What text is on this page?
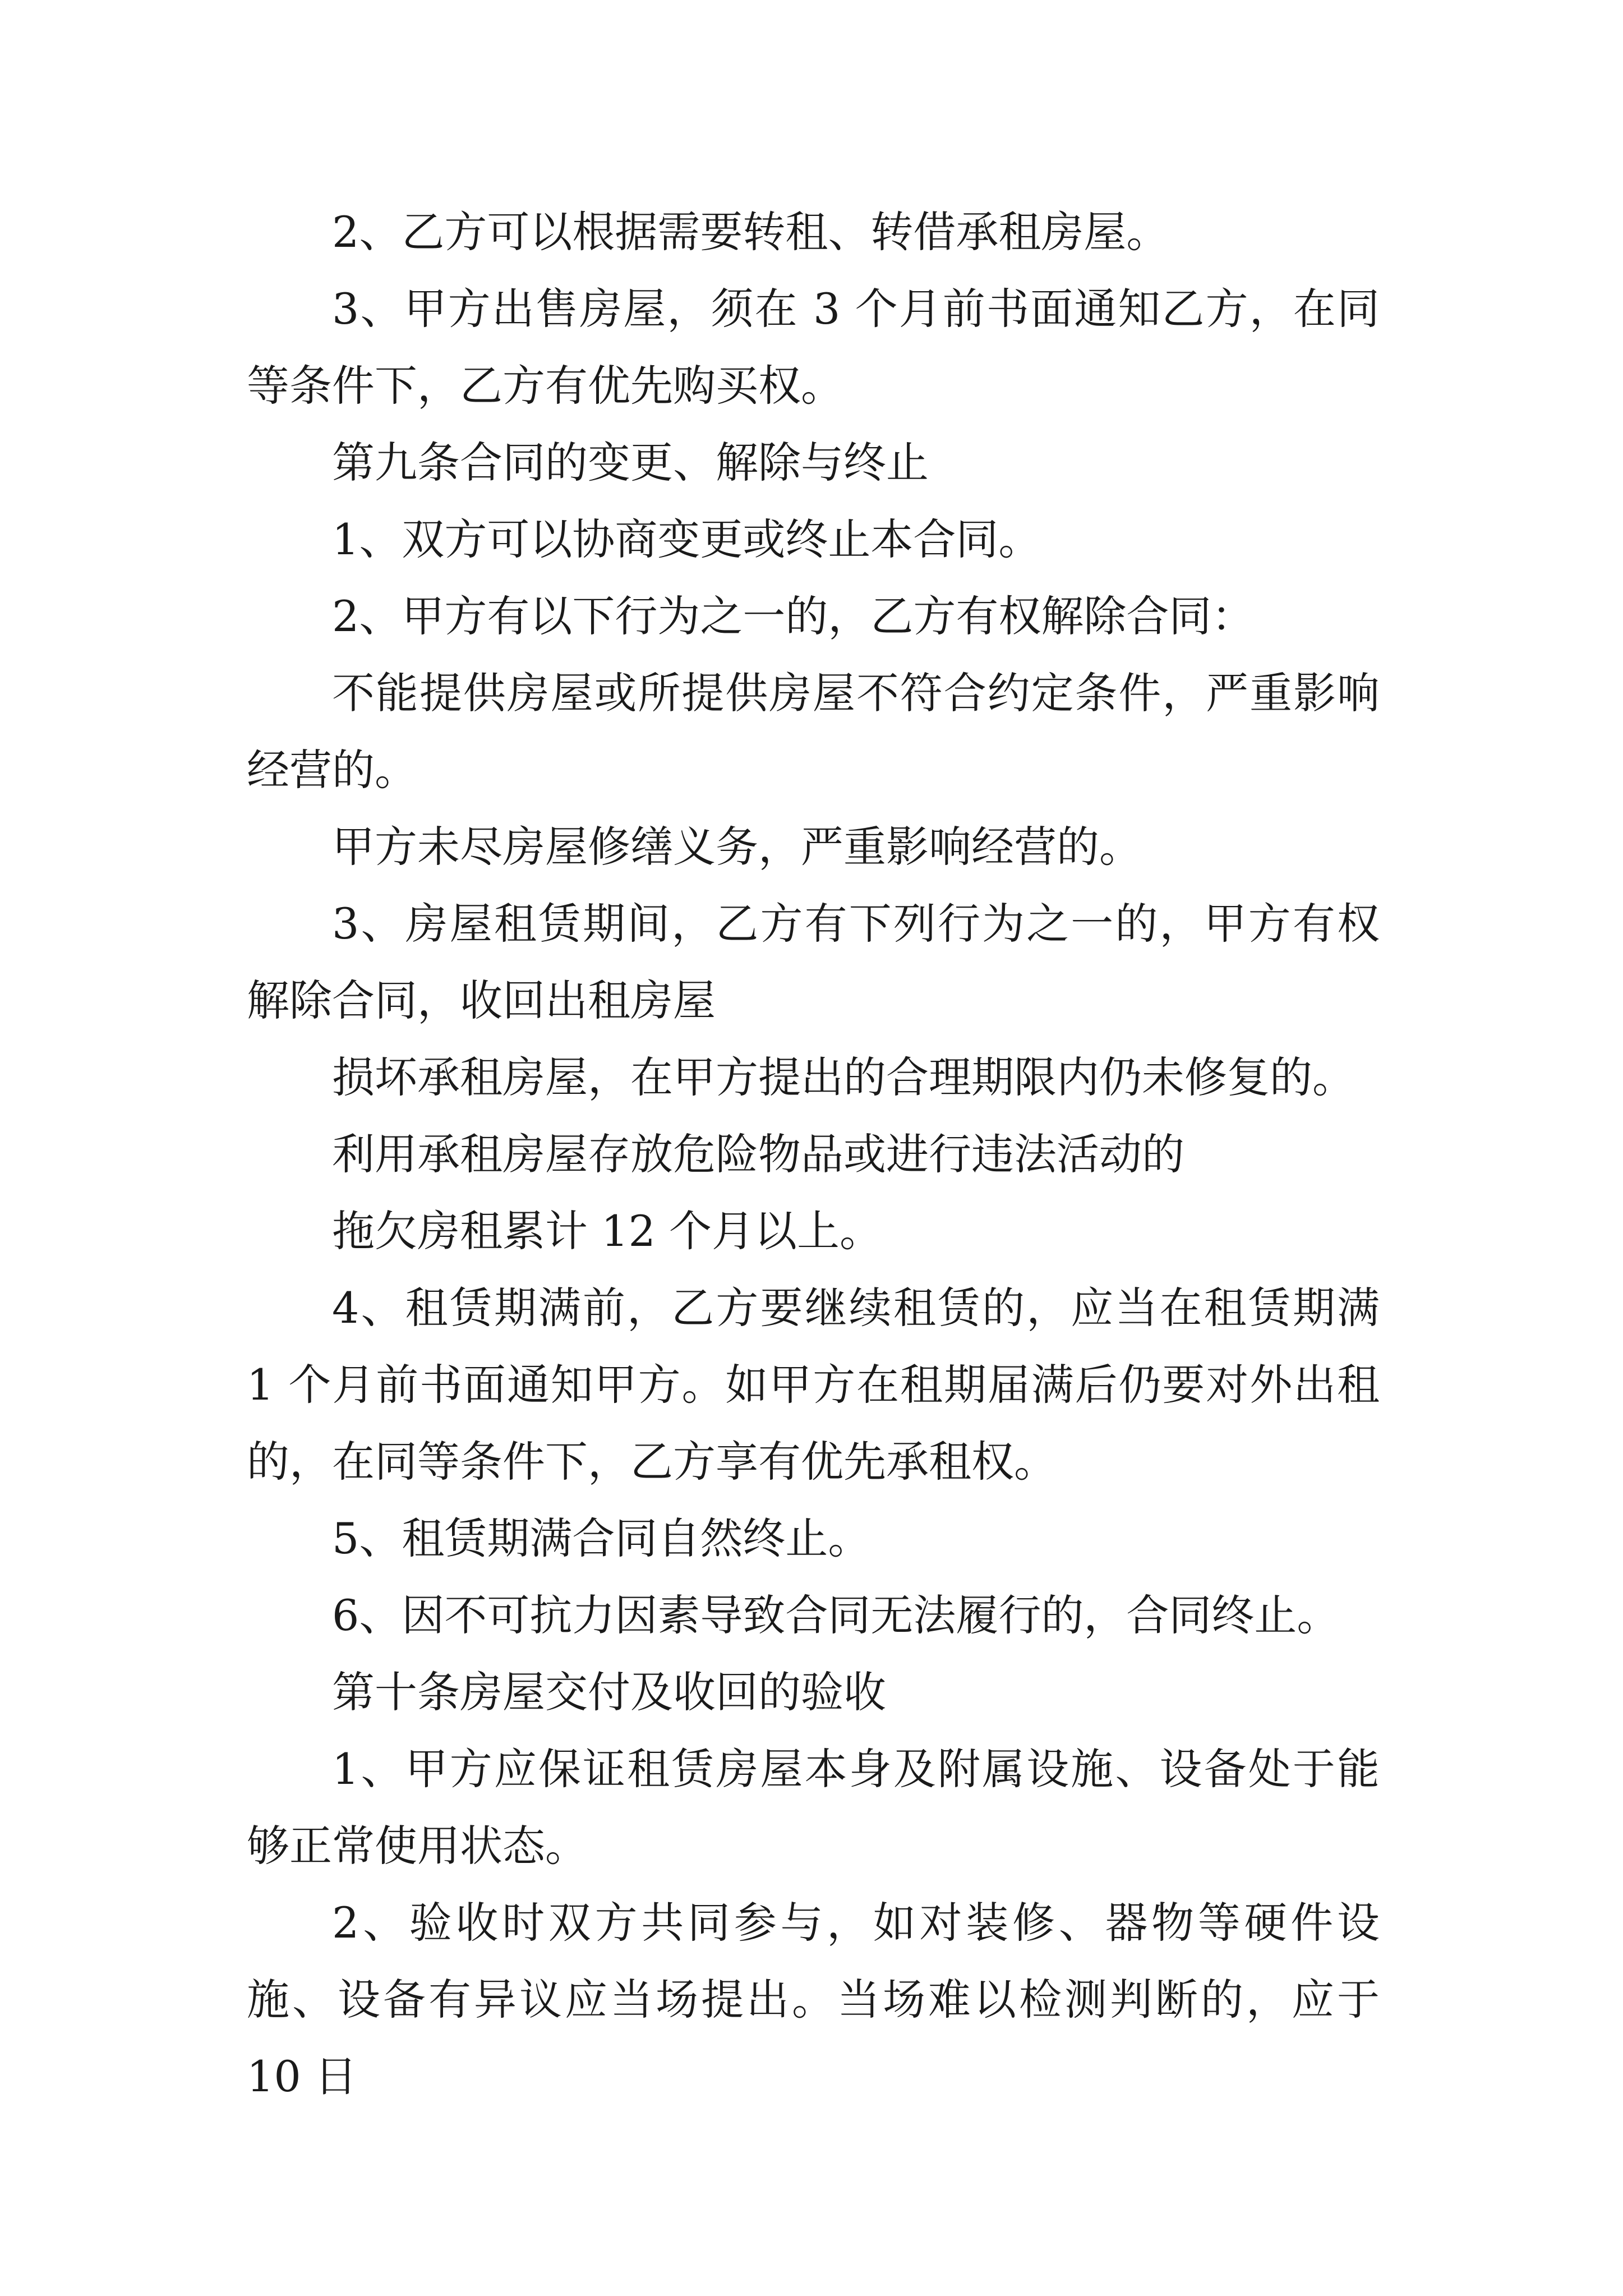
2、乙方可以根据需要转租、转借承租房屋。

3、甲方出售房屋，须在 3 个月前书面通知乙方，在同等条件下，乙方有优先购买权。

第九条合同的变更、解除与终止

1、双方可以协商变更或终止本合同。

2、甲方有以下行为之一的，乙方有权解除合同：

不能提供房屋或所提供房屋不符合约定条件，严重影响经营的。

甲方未尽房屋修缮义务，严重影响经营的。

3、房屋租赁期间，乙方有下列行为之一的，甲方有权解除合同，收回出租房屋

损坏承租房屋，在甲方提出的合理期限内仍未修复的。

利用承租房屋存放危险物品或进行违法活动的

拖欠房租累计 12 个月以上。

4、租赁期满前，乙方要继续租赁的，应当在租赁期满 1 个月前书面通知甲方。如甲方在租期届满后仍要对外出租的，在同等条件下，乙方享有优先承租权。

5、租赁期满合同自然终止。

6、因不可抗力因素导致合同无法履行的，合同终止。

第十条房屋交付及收回的验收

1、甲方应保证租赁房屋本身及附属设施、设备处于能够正常使用状态。

2、验收时双方共同参与，如对装修、器物等硬件设施、设备有异议应当场提出。当场难以检测判断的，应于 10 日
